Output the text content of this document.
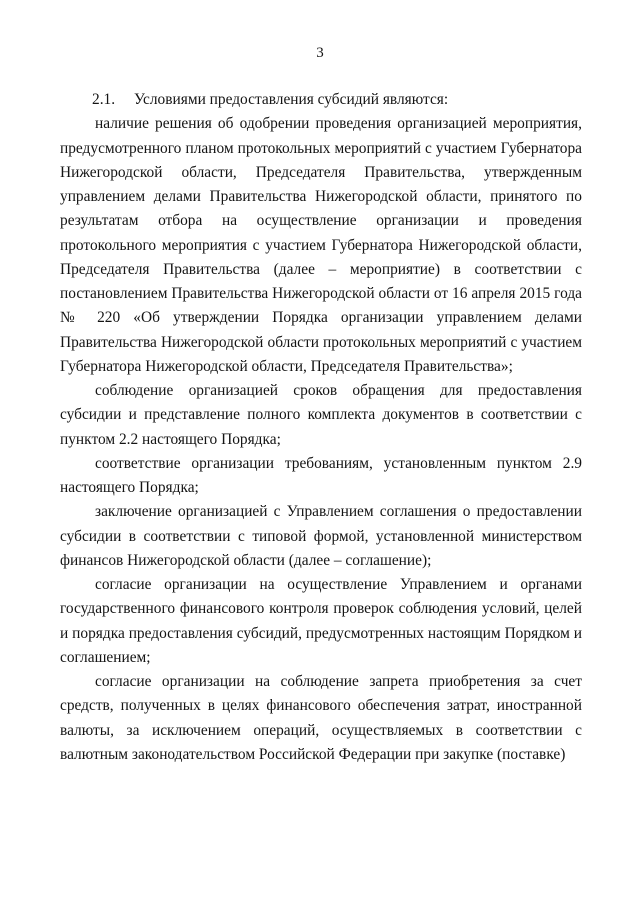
3

2.1. Условиями предоставления субсидий являются:

наличие решения об одобрении проведения организацией мероприятия, предусмотренного планом протокольных мероприятий с участием Губернатора Нижегородской области, Председателя Правительства, утвержденным управлением делами Правительства Нижегородской области, принятого по результатам отбора на осуществление организации и проведения протокольного мероприятия с участием Губернатора Нижегородской области, Председателя Правительства (далее – мероприятие) в соответствии с постановлением Правительства Нижегородской области от 16 апреля 2015 года № 220 «Об утверждении Порядка организации управлением делами Правительства Нижегородской области протокольных мероприятий с участием Губернатора Нижегородской области, Председателя Правительства»;

соблюдение организацией сроков обращения для предоставления субсидии и представление полного комплекта документов в соответствии с пунктом 2.2 настоящего Порядка;

соответствие организации требованиям, установленным пунктом 2.9 настоящего Порядка;

заключение организацией с Управлением соглашения о предоставлении субсидии в соответствии с типовой формой, установленной министерством финансов Нижегородской области (далее – соглашение);

согласие организации на осуществление Управлением и органами государственного финансового контроля проверок соблюдения условий, целей и порядка предоставления субсидий, предусмотренных настоящим Порядком и соглашением;

согласие организации на соблюдение запрета приобретения за счет средств, полученных в целях финансового обеспечения затрат, иностранной валюты, за исключением операций, осуществляемых в соответствии с валютным законодательством Российской Федерации при закупке (поставке)
